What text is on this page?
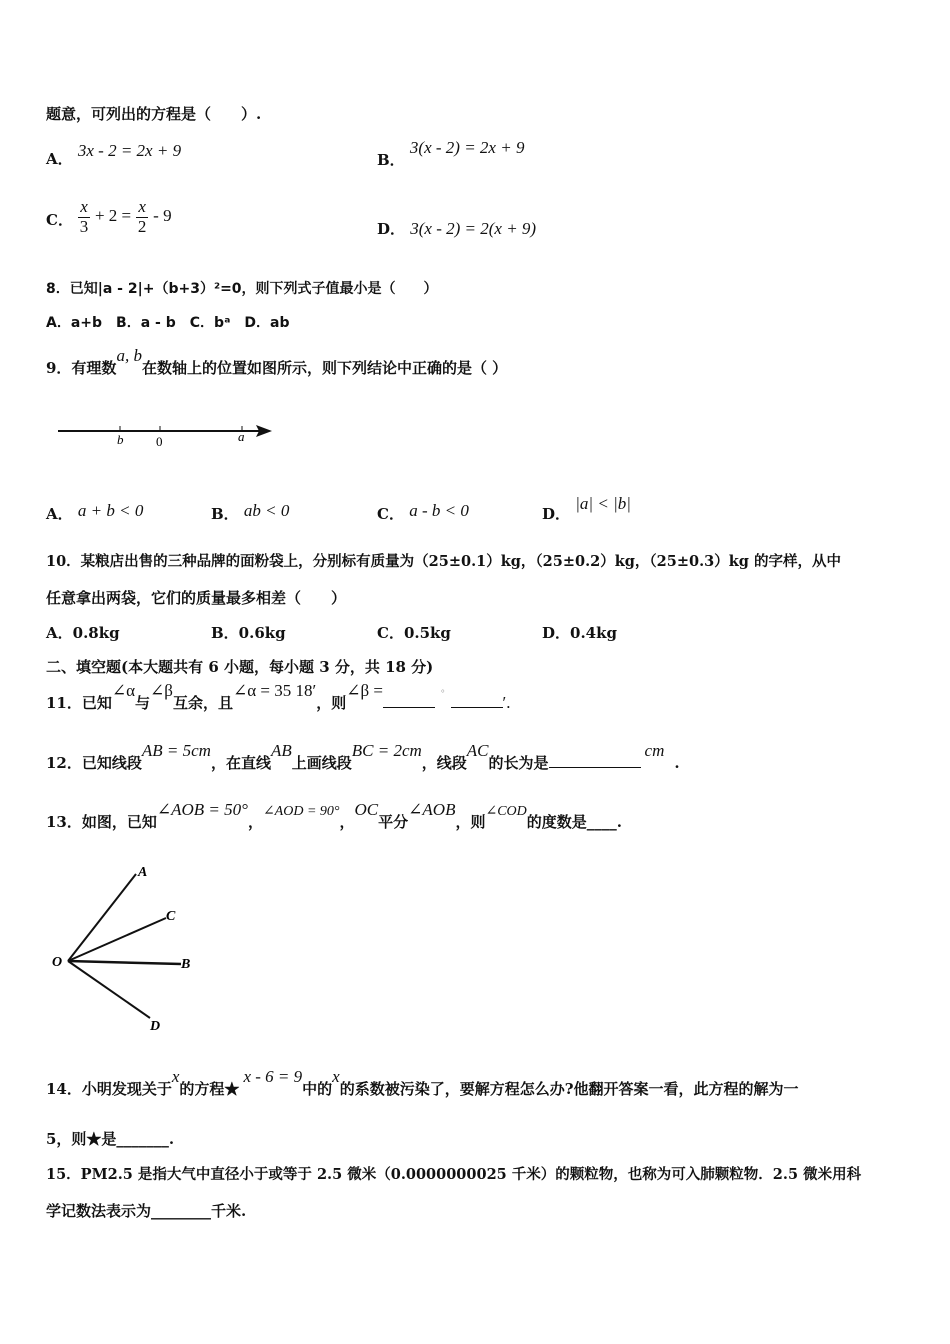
题意，可列出的方程是（　　）.
A． 3x - 2 = 2x + 9	B． 3(x - 2) = 2x + 9
C． $\frac{x}{3} + 2 = \frac{x}{2} - 9$
D． 3(x - 2) = 2(x + 9)
8．已知|a - 2|+（b+3）²=0，则下列式子值最小是（　　）
A．a+b　B．a - b　C．bᵃ　D．ab
9．有理数a, b在数轴上的位置如图所示，则下列结论中正确的是（ ）
b	0	a
A． a + b < 0	B． ab < 0	C． a - b < 0	D． |a| < |b|
10．某粮店出售的三种品牌的面粉袋上，分别标有质量为（25±0.1）kg，（25±0.2）kg，（25±0.3）kg 的字样，从中
任意拿出两袋，它们的质量最多相差（　　）
A．0.8kg	B．0.6kg	C．0.5kg	D．0.4kg
二、填空题(本大题共有 6 小题，每小题 3 分，共 18 分)
11．已知∠α与∠β互余，且∠α = 35 18′，则∠β =	°	′.
12．已知线段AB = 5cm，在直线AB上画线段BC = 2cm，线段AC的长为是cm.
13．如图，已知∠AOB = 50°，∠AOD = 90°，OC平分∠AOB，则∠COD的度数是____.
A
C
O	B
D
14．小明发现关于x的方程★x - 6 = 9中的x的系数被污染了，要解方程怎么办?他翻开答案一看，此方程的解为一
5，则★是_______.
15．PM2.5 是指大气中直径小于或等于 2.5 微米（0.0000000025 千米）的颗粒物，也称为可入肺颗粒物．2.5 微米用科
学记数法表示为________千米.
